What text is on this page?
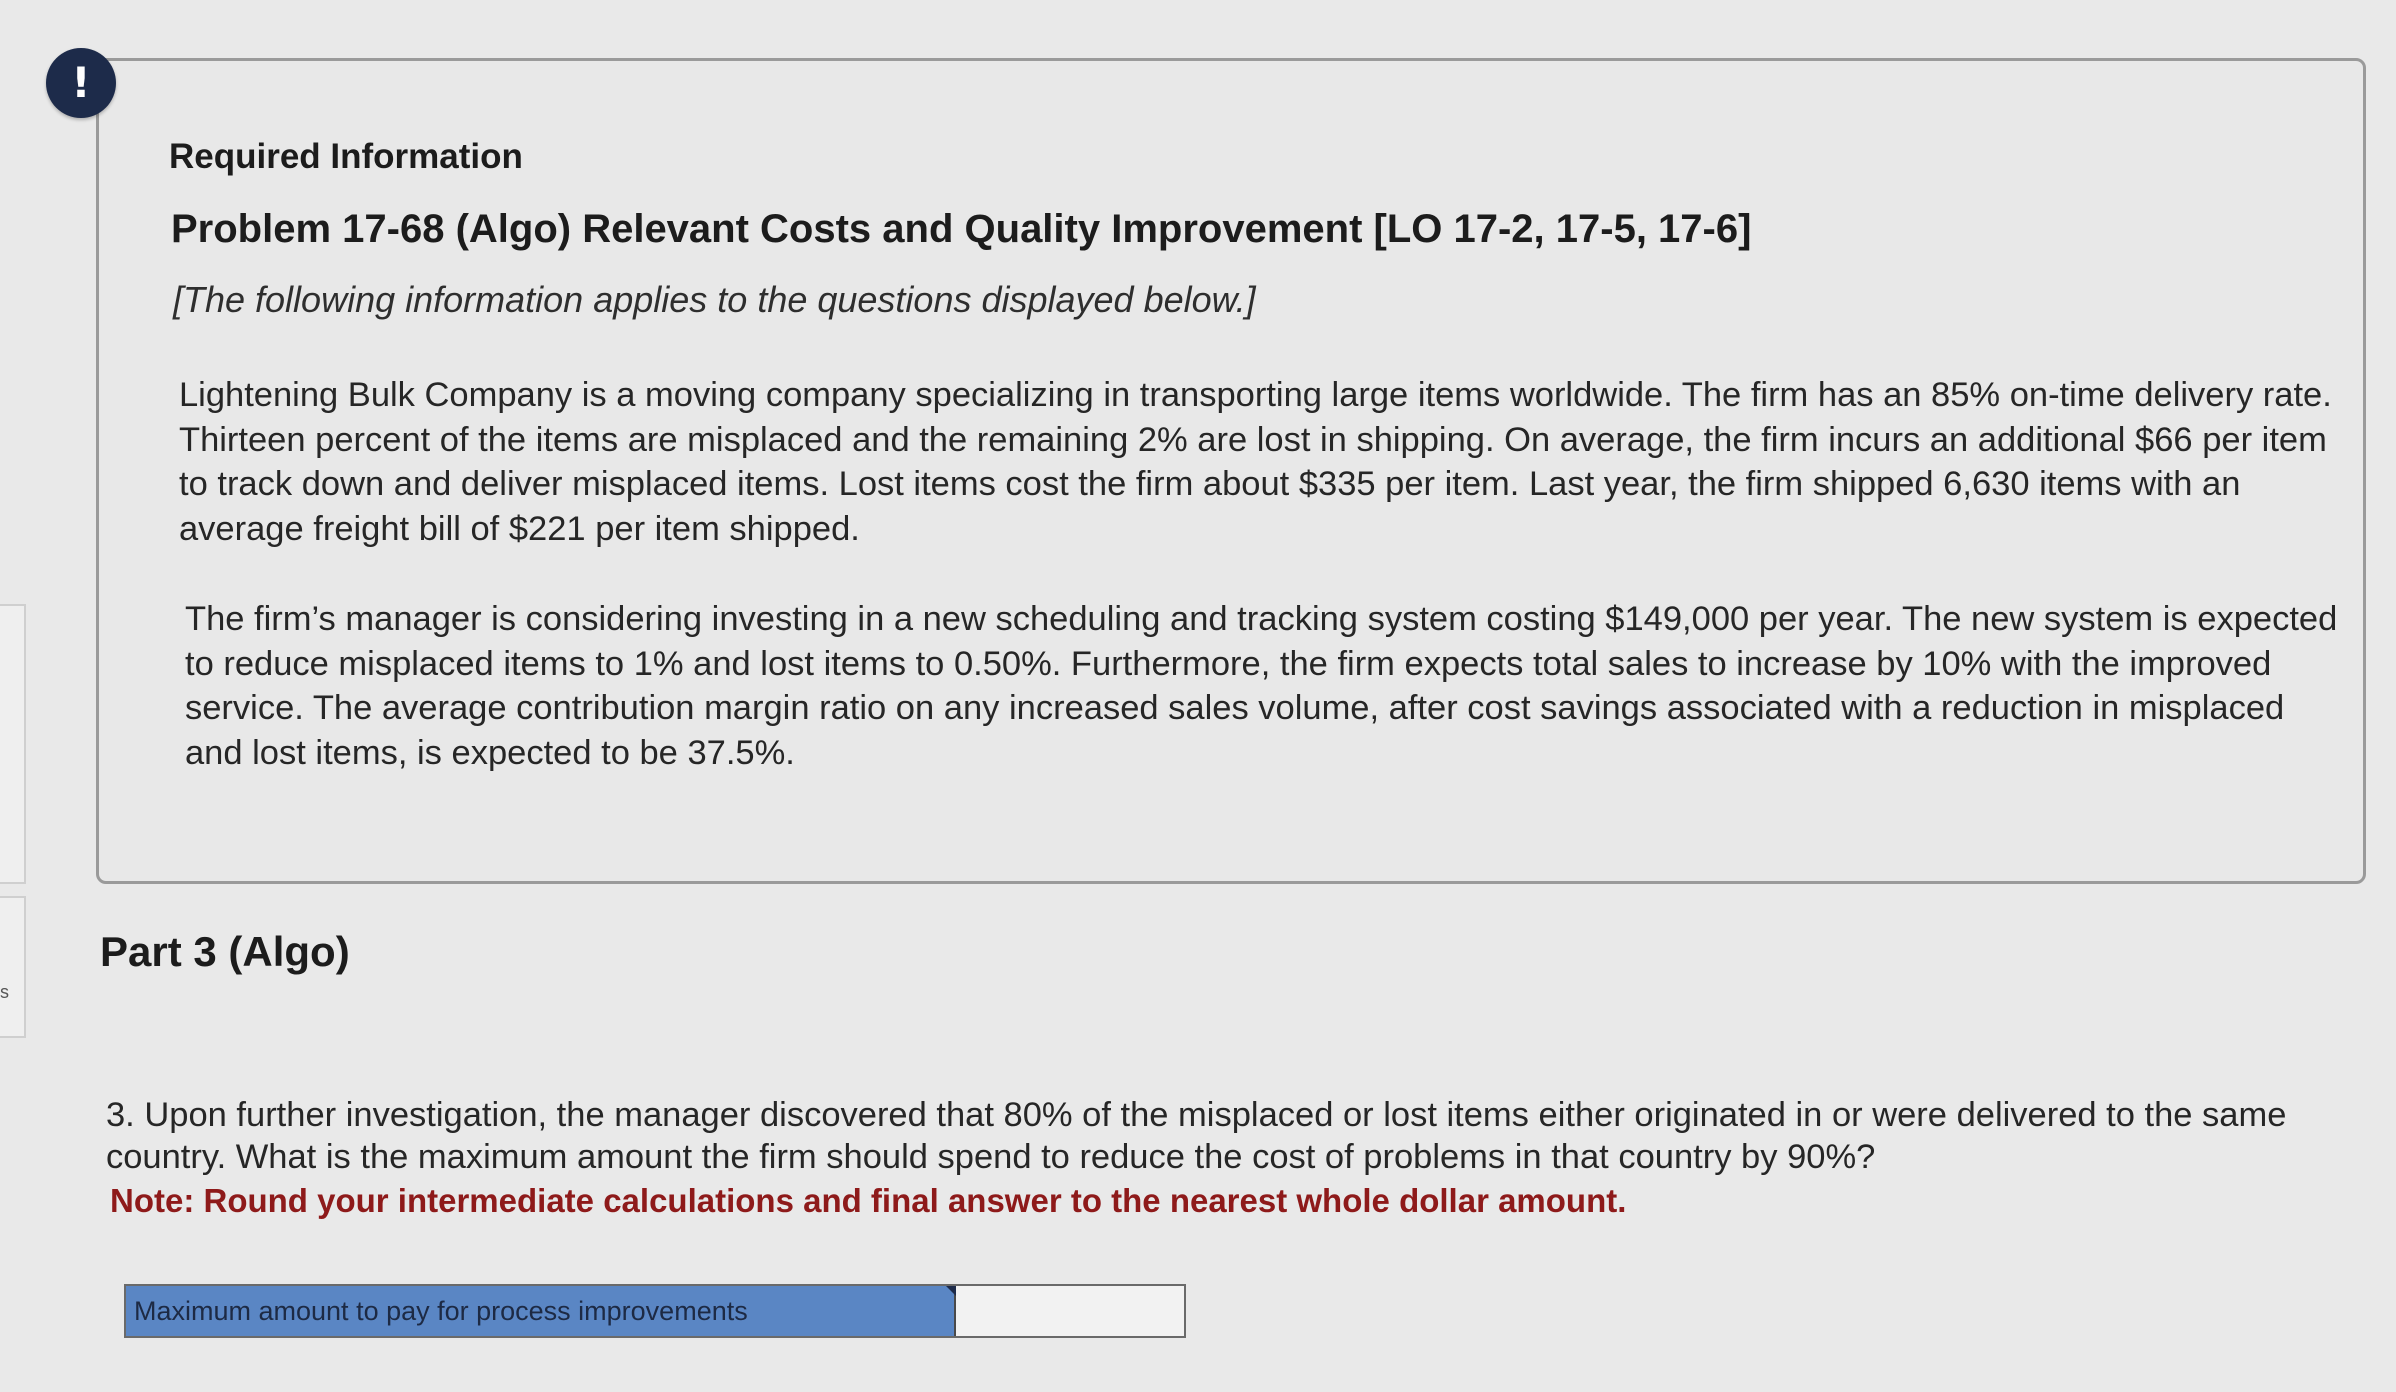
s
Required Information
Problem 17-68 (Algo) Relevant Costs and Quality Improvement [LO 17-2, 17-5, 17-6]

[The following information applies to the questions displayed below.]

Lightening Bulk Company is a moving company specializing in transporting large items worldwide. The firm has an 85% on-time delivery rate. Thirteen percent of the items are misplaced and the remaining 2% are lost in shipping. On average, the firm incurs an additional $66 per item to track down and deliver misplaced items. Lost items cost the firm about $335 per item. Last year, the firm shipped 6,630 items with an average freight bill of $221 per item shipped.

The firm’s manager is considering investing in a new scheduling and tracking system costing $149,000 per year. The new system is expected to reduce misplaced items to 1% and lost items to 0.50%. Furthermore, the firm expects total sales to increase by 10% with the improved service. The average contribution margin ratio on any increased sales volume, after cost savings associated with a reduction in misplaced and lost items, is expected to be 37.5%.

!
Part 3 (Algo)

3. Upon further investigation, the manager discovered that 80% of the misplaced or lost items either originated in or were delivered to the same country. What is the maximum amount the firm should spend to reduce the cost of problems in that country by 90%?

Note: Round your intermediate calculations and final answer to the nearest whole dollar amount.

Maximum amount to pay for process improvements
